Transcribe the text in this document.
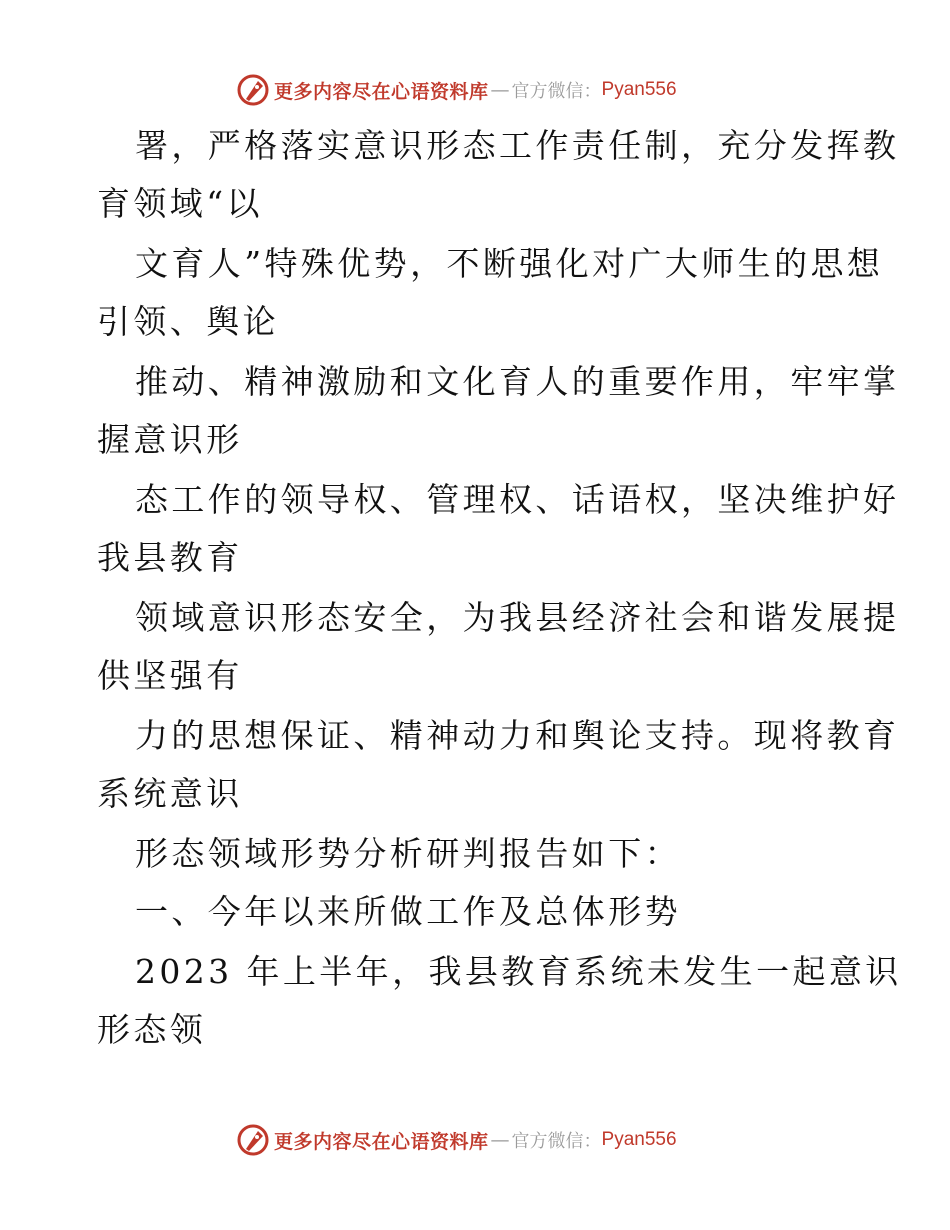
更多内容尽在心语资料库 — 官方微信： Pyan556
署，严格落实意识形态工作责任制，充分发挥教
育领域“以
文育人”特殊优势，不断强化对广大师生的思想
引领、舆论
推动、精神激励和文化育人的重要作用，牢牢掌
握意识形
态工作的领导权、管理权、话语权，坚决维护好
我县教育
领域意识形态安全，为我县经济社会和谐发展提
供坚强有
力的思想保证、精神动力和舆论支持。现将教育
系统意识
形态领域形势分析研判报告如下：
一、今年以来所做工作及总体形势
2023 年上半年，我县教育系统未发生一起意识
形态领
更多内容尽在心语资料库 — 官方微信： Pyan556
